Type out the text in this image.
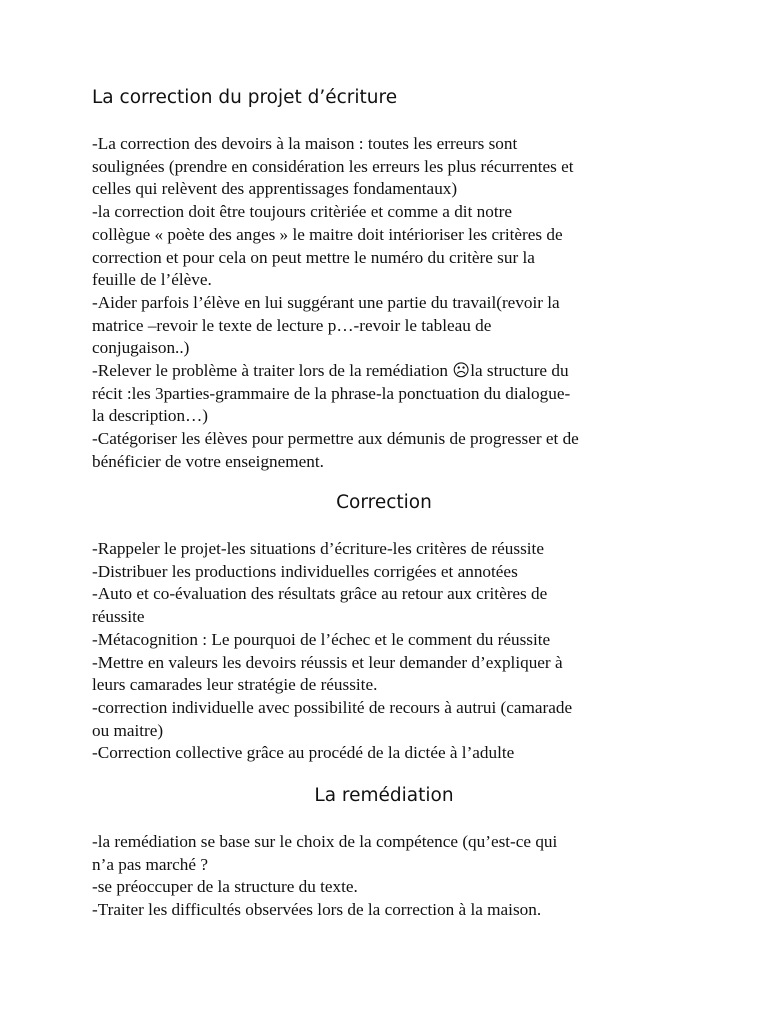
La correction du projet d’écriture
-La correction des devoirs à la maison : toutes les erreurs sont
soulignées (prendre en considération les erreurs les plus récurrentes et
celles qui relèvent des apprentissages fondamentaux)
-la correction doit être toujours critèriée et comme a dit notre
collègue « poète des anges » le maitre doit intérioriser les critères de
correction et pour cela on peut mettre le numéro du critère sur la
feuille de l’élève.
-Aider parfois l’élève en lui suggérant une partie du travail(revoir la
matrice –revoir le texte de lecture p…-revoir le tableau de
conjugaison..)
-Relever le problème à traiter lors de la remédiation ☹la structure du
récit :les 3parties-grammaire de la phrase-la ponctuation du dialogue-
la description…)
-Catégoriser les élèves pour permettre aux démunis de progresser et de
bénéficier de votre enseignement.
Correction
-Rappeler le projet-les situations d’écriture-les critères de réussite
-Distribuer les productions individuelles corrigées et annotées
-Auto et co-évaluation des résultats grâce au retour aux critères de
réussite
-Métacognition : Le pourquoi de l’échec et le comment du réussite
-Mettre en valeurs les devoirs réussis et leur demander d’expliquer à
leurs camarades leur stratégie de réussite.
-correction individuelle avec possibilité de recours à autrui (camarade
ou maitre)
-Correction collective grâce au procédé de la dictée à l’adulte
La remédiation
-la remédiation se base sur le choix de la compétence (qu’est-ce qui
n’a pas marché ?
-se préoccuper de la structure du texte.
-Traiter les difficultés observées lors de la correction à la maison.
